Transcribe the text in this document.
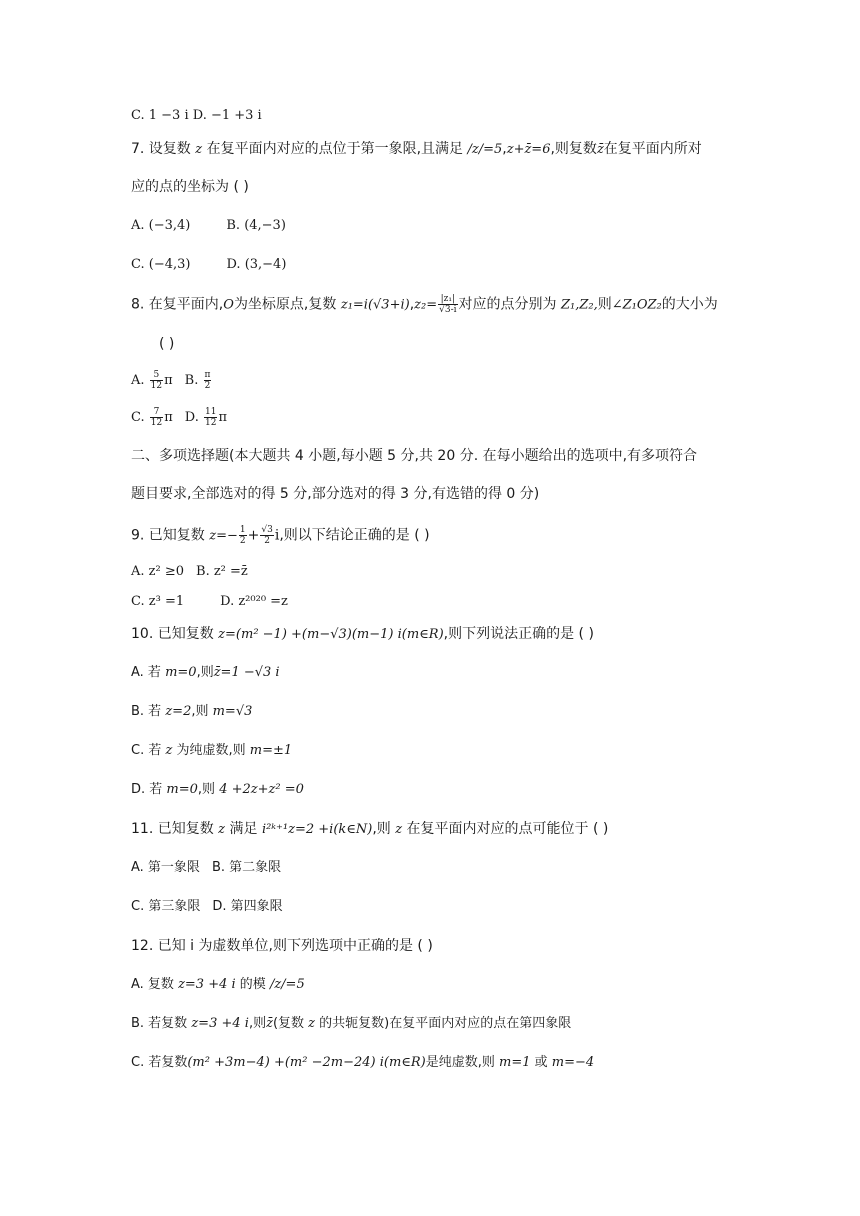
C. 1 −3 i D. −1 +3 i
7. 设复数 z 在复平面内对应的点位于第一象限,且满足 /z/=5,z+z̄=6,则复数z̄在复平面内所对
应的点的坐标为 ( )
A. (−3,4)	B. (4,−3)
C. (−4,3)	D. (3,−4)
8. 在复平面内,O为坐标原点,复数 $z_1=i(√3+i),z_2= \frac{\text{|z₁|}}{√3-i}$ 对应的点分别为 Z₁,Z₂,则∠Z₁OZ₂的大小为
( )
A. $\frac{5}{12}$ π B. $\frac{\pi}{2}$
C. $\frac{7}{12}$ π D. $\frac{11}{12}$ π
二、多项选择题(本大题共 4 小题,每小题 5 分,共 20 分. 在每小题给出的选项中,有多项符合
题目要求,全部选对的得 5 分,部分选对的得 3 分,有选错的得 0 分)
9. 已知复数 $z=- \frac{1}{2} + \frac{√3}{2} i$,则以下结论正确的是 ( )
A. z² ≥0 B. z² =z̄
C. z³ =1	D. z²⁰²⁰ =z
10. 已知复数 z=(m² −1) +(m−√3)(m−1) i(m∈R),则下列说法正确的是 ( )
A. 若 m=0,则z̄=1 −√3 i
B. 若 z=2,则 m=√3
C. 若 z 为纯虚数,则 m=±1
D. 若 m=0,则 4 +2z+z² =0
11. 已知复数 z 满足 i²ᵏ⁺¹z=2 +i(k∈N),则 z 在复平面内对应的点可能位于 ( )
A. 第一象限 B. 第二象限
C. 第三象限 D. 第四象限
12. 已知 i 为虚数单位,则下列选项中正确的是 ( )
A. 复数 z=3 +4 i 的模 /z/=5
B. 若复数 z=3 +4 i,则z̄(复数 z 的共轭复数)在复平面内对应的点在第四象限
C. 若复数(m² +3m−4) +(m² −2m−24) i(m∈R)是纯虚数,则 m=1 或 m=−4
